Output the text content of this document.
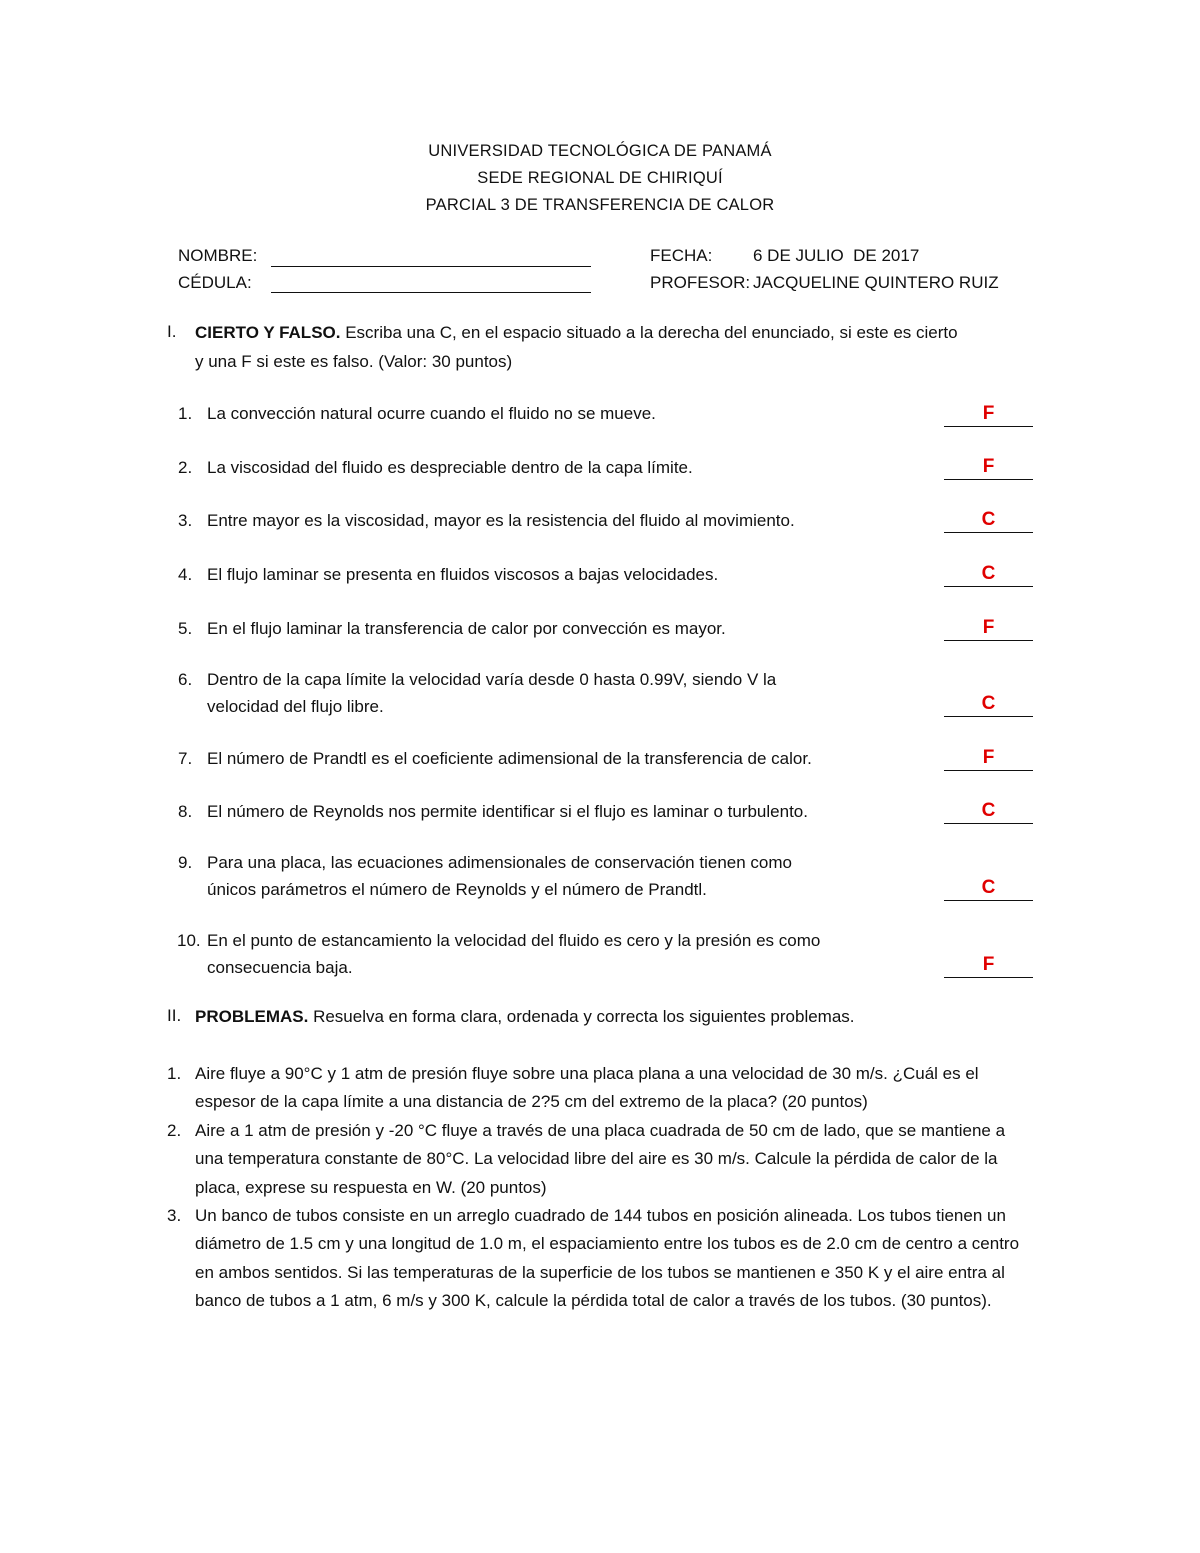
UNIVERSIDAD TECNOLÓGICA DE PANAMÁ
SEDE REGIONAL DE CHIRIQUÍ
PARCIAL 3 DE TRANSFERENCIA DE CALOR
NOMBRE:
CÉDULA:
FECHA: 6 DE JULIO  DE 2017
PROFESOR: JACQUELINE QUINTERO RUIZ
I. CIERTO Y FALSO. Escriba una C, en el espacio situado a la derecha del enunciado, si este es cierto
y una F si este es falso. (Valor: 30 puntos)
1. La convección natural ocurre cuando el fluido no se mueve.	F
2. La viscosidad del fluido es despreciable dentro de la capa límite.	F
3. Entre mayor es la viscosidad, mayor es la resistencia del fluido al movimiento.	C
4. El flujo laminar se presenta en fluidos viscosos a bajas velocidades.	C
5. En el flujo laminar la transferencia de calor por convección es mayor.	F
6. Dentro de la capa límite la velocidad varía desde 0 hasta 0.99V, siendo V la
velocidad del flujo libre.	C
7. El número de Prandtl es el coeficiente adimensional de la transferencia de calor.	F
8. El número de Reynolds nos permite identificar si el flujo es laminar o turbulento.	C
9. Para una placa, las ecuaciones adimensionales de conservación tienen como
únicos parámetros el número de Reynolds y el número de Prandtl.	C
10. En el punto de estancamiento la velocidad del fluido es cero y la presión es como
consecuencia baja.	F
II. PROBLEMAS. Resuelva en forma clara, ordenada y correcta los siguientes problemas.
1. Aire fluye a 90°C y 1 atm de presión fluye sobre una placa plana a una velocidad de 30 m/s. ¿Cuál es el espesor de la capa límite a una distancia de 2?5 cm del extremo de la placa? (20 puntos)
2. Aire a 1 atm de presión y -20 °C fluye a través de una placa cuadrada de 50 cm de lado, que se mantiene a una temperatura constante de 80°C. La velocidad libre del aire es 30 m/s. Calcule la pérdida de calor de la placa, exprese su respuesta en W. (20 puntos)
3. Un banco de tubos consiste en un arreglo cuadrado de 144 tubos en posición alineada. Los tubos tienen un diámetro de 1.5 cm y una longitud de 1.0 m, el espaciamiento entre los tubos es de 2.0 cm de centro a centro en ambos sentidos. Si las temperaturas de la superficie de los tubos se mantienen e 350 K y el aire entra al banco de tubos a 1 atm, 6 m/s y 300 K, calcule la pérdida total de calor a través de los tubos. (30 puntos).
